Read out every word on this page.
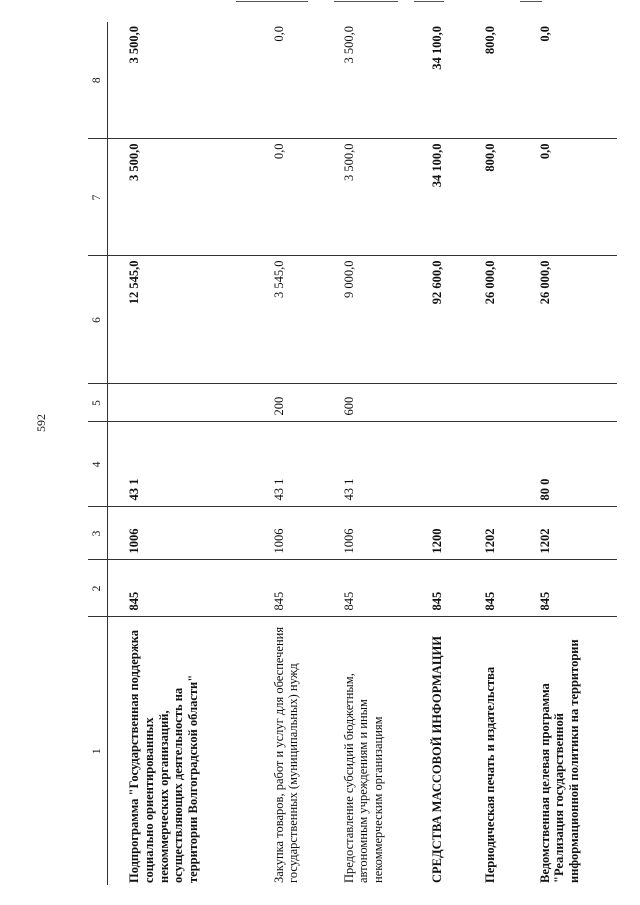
592
1	2	3	4	5	6	7	8
Подпрограмма "Государственная поддержка социально ориентированных некоммерческих организаций, осуществляющих деятельность на территории Волгоградской области"	845	1006	43 1		12 545,0	3 500,0	3 500,0
Закупка товаров, работ и услуг для обеспечения государственных (муниципальных) нужд	845	1006	43 1	200	3 545,0	0,0	0,0
Предоставление субсидий бюджетным, автономным учреждениям и иным некоммерческим организациям	845	1006	43 1	600	9 000,0	3 500,0	3 500,0
СРЕДСТВА МАССОВОЙ ИНФОРМАЦИИ	845	1200			92 600,0	34 100,0	34 100,0
Периодическая печать и издательства	845	1202			26 000,0	800,0	800,0
Ведомственная целевая программа "Реализация государственной информационной политики на территории	845	1202	80 0		26 000,0	0,0	0,0
